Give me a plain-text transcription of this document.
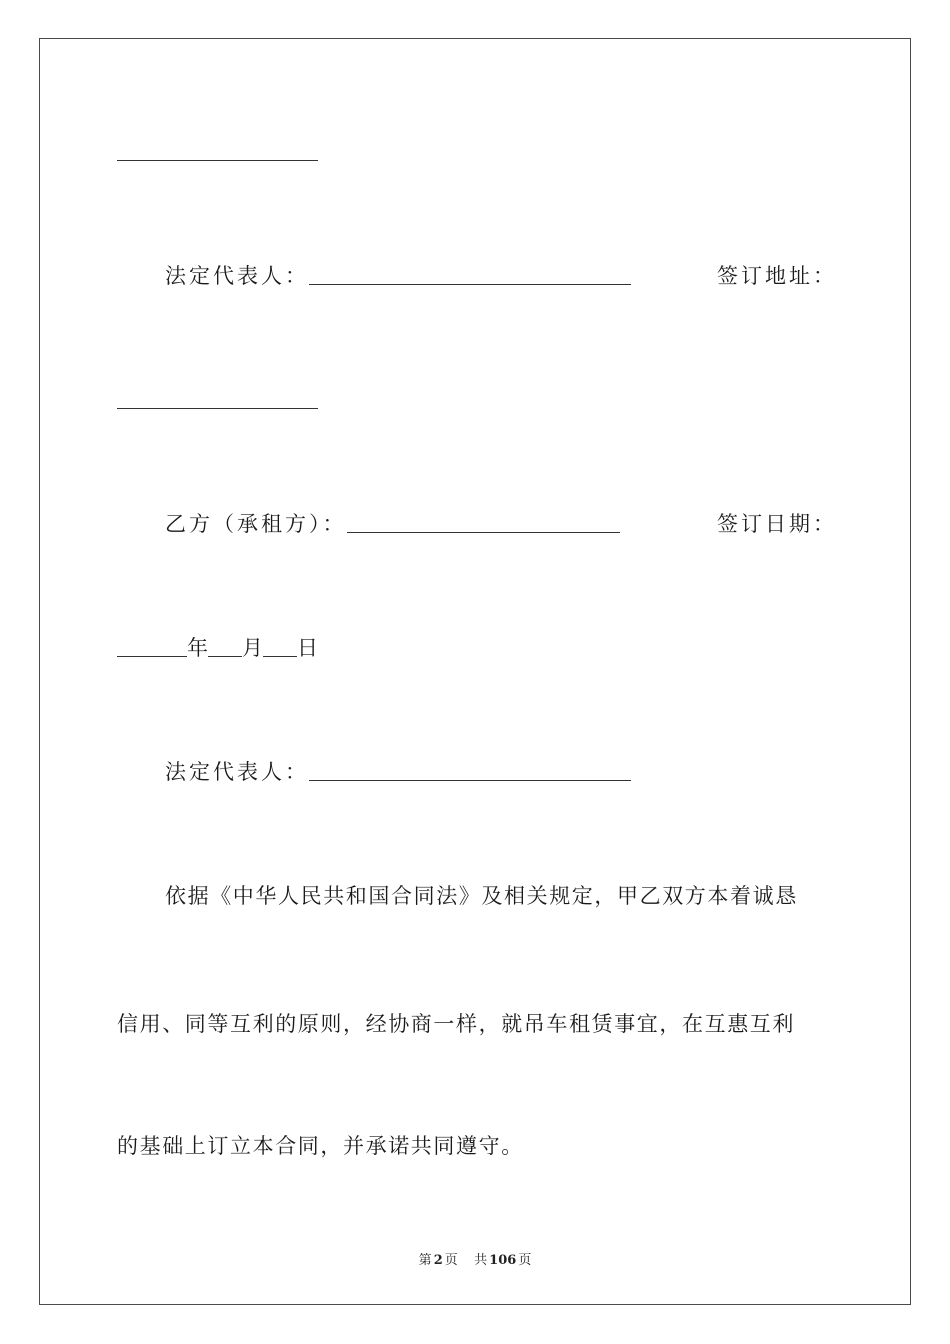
法定代表人：	签订地址：
乙方（承租方）：	签订日期：
年 月 日
法定代表人：
依据《中华人民共和国合同法》及相关规定，甲乙双方本着诚恳
信用、同等互利的原则，经协商一样，就吊车租赁事宜，在互惠互利
的基础上订立本合同，并承诺共同遵守。
第 2 页 共 106 页
